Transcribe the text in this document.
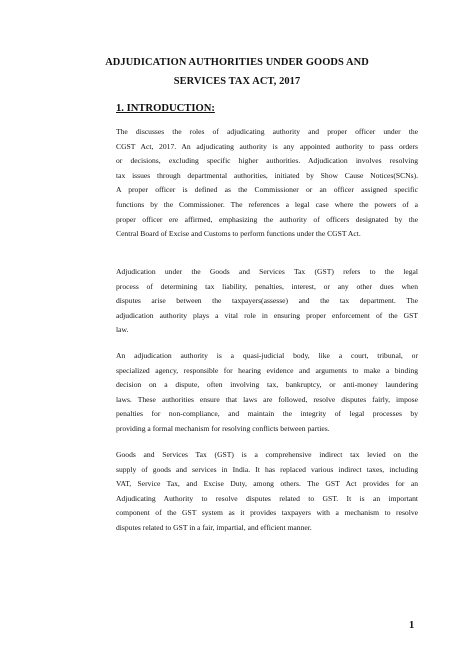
ADJUDICATION AUTHORITIES UNDER GOODS AND
SERVICES TAX ACT, 2017
1. INTRODUCTION:
The discusses the roles of adjudicating authority and proper officer under the
CGST Act, 2017. An adjudicating authority is any appointed authority to pass orders
or decisions, excluding specific higher authorities. Adjudication involves resolving
tax issues through departmental authorities, initiated by Show Cause Notices(SCNs).
A proper officer is defined as the Commissioner or an officer assigned specific
functions by the Commissioner. The references a legal case where the powers of a
proper officer ere affirmed, emphasizing the authority of officers designated by the
Central Board of Excise and Customs to perform functions under the CGST Act.
Adjudication under the Goods and Services Tax (GST) refers to the legal
process of determining tax liability, penalties, interest, or any other dues when
disputes arise between the taxpayers(assesse) and the tax department. The
adjudication authority plays a vital role in ensuring proper enforcement of the GST
law.
An adjudication authority is a quasi-judicial body, like a court, tribunal, or
specialized agency, responsible for hearing evidence and arguments to make a binding
decision on a dispute, often involving tax, bankruptcy, or anti-money laundering
laws. These authorities ensure that laws are followed, resolve disputes fairly, impose
penalties for non-compliance, and maintain the integrity of legal processes by
providing a formal mechanism for resolving conflicts between parties.
Goods and Services Tax (GST) is a comprehensive indirect tax levied on the
supply of goods and services in India. It has replaced various indirect taxes, including
VAT, Service Tax, and Excise Duty, among others. The GST Act provides for an
Adjudicating Authority to resolve disputes related to GST. It is an important
component of the GST system as it provides taxpayers with a mechanism to resolve
disputes related to GST in a fair, impartial, and efficient manner.
1
